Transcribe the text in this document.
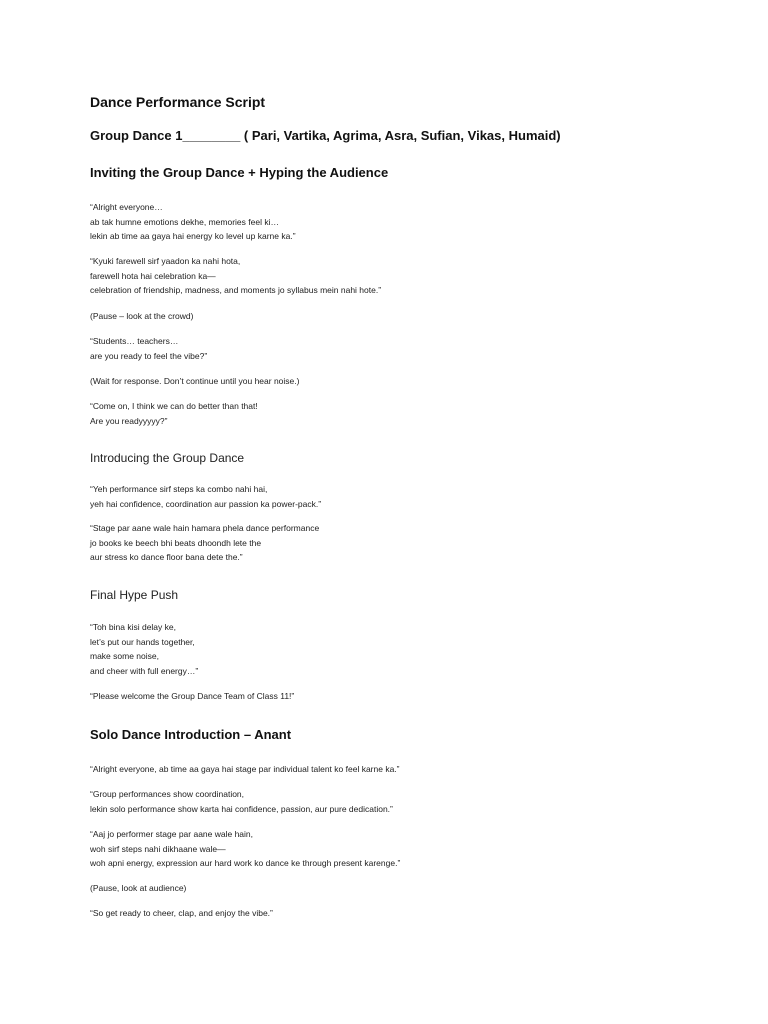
Dance Performance Script
Group Dance 1________ ( Pari, Vartika, Agrima, Asra, Sufian, Vikas, Humaid)
Inviting the Group Dance + Hyping the Audience
“Alright everyone…
ab tak humne emotions dekhe, memories feel ki…
lekin ab time aa gaya hai energy ko level up karne ka.”
“Kyuki farewell sirf yaadon ka nahi hota,
farewell hota hai celebration ka—
celebration of friendship, madness, and moments jo syllabus mein nahi hote.”
(Pause – look at the crowd)
“Students… teachers…
are you ready to feel the vibe?”
(Wait for response. Don’t continue until you hear noise.)
“Come on, I think we can do better than that!
Are you readyyyyy?”
Introducing the Group Dance
“Yeh performance sirf steps ka combo nahi hai,
yeh hai confidence, coordination aur passion ka power-pack.”
“Stage par aane wale hain hamara phela dance performance
jo books ke beech bhi beats dhoondh lete the
aur stress ko dance floor bana dete the.”
Final Hype Push
“Toh bina kisi delay ke,
let’s put our hands together,
make some noise,
and cheer with full energy…”
“Please welcome the Group Dance Team of Class 11!”
Solo Dance Introduction – Anant
“Alright everyone, ab time aa gaya hai stage par individual talent ko feel karne ka.”
“Group performances show coordination,
lekin solo performance show karta hai confidence, passion, aur pure dedication.”
“Aaj jo performer stage par aane wale hain,
woh sirf steps nahi dikhaane wale—
woh apni energy, expression aur hard work ko dance ke through present karenge.”
(Pause, look at audience)
“So get ready to cheer, clap, and enjoy the vibe.”
